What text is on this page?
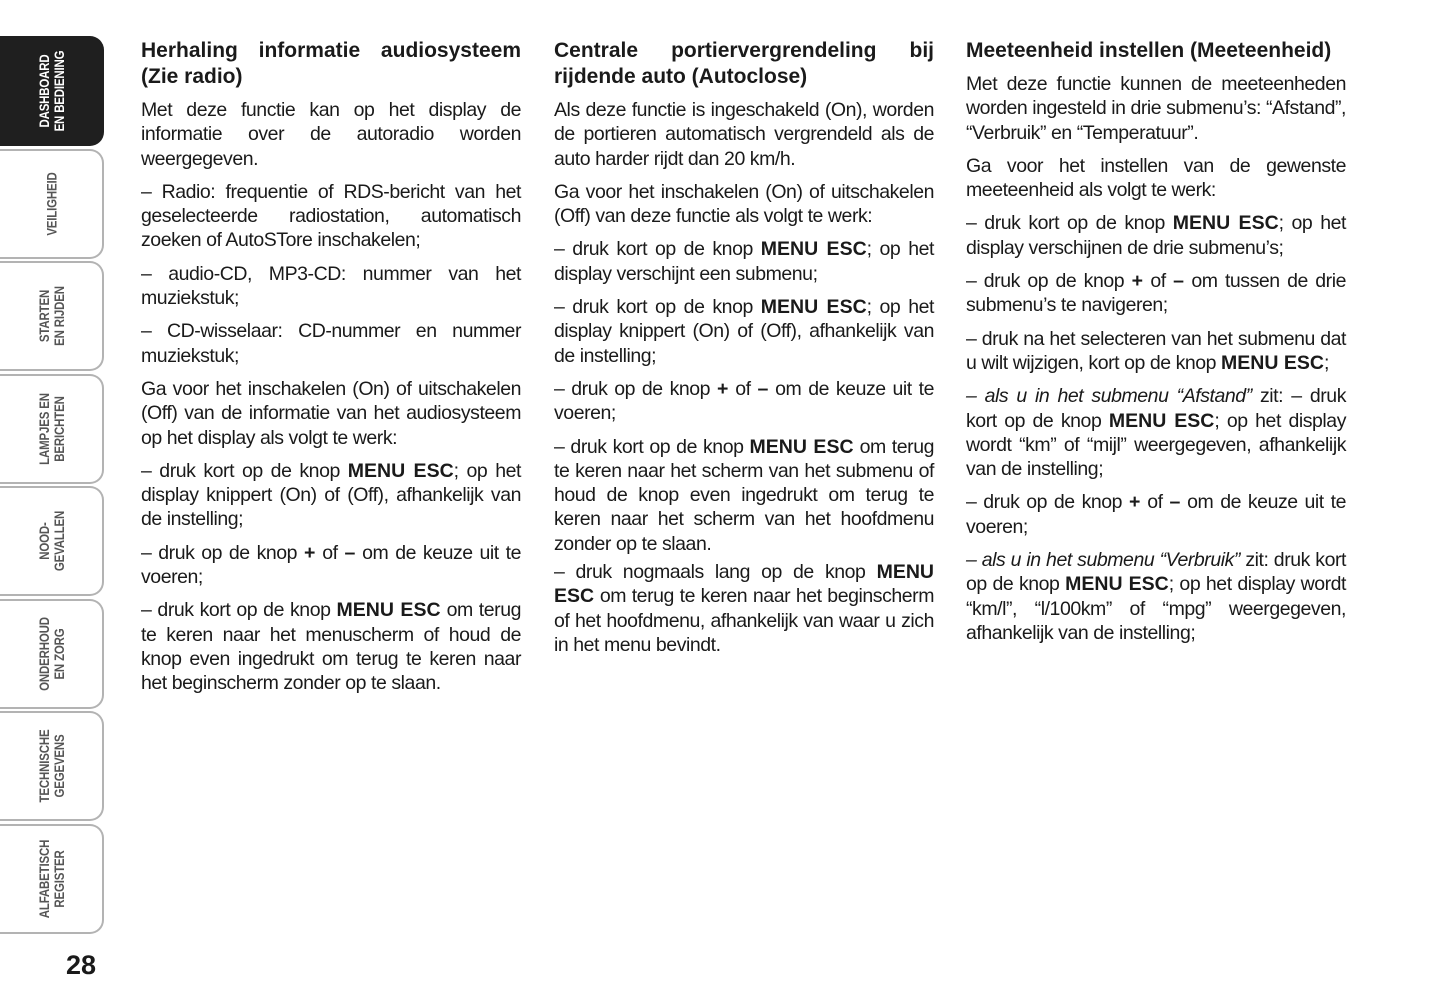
DASHBOARD
EN BEDIENING
VEILIGHEID
STARTEN
EN RIJDEN
LAMPJES EN
BERICHTEN
NOOD-
GEVALLEN
ONDERHOUD
EN ZORG
TECHNISCHE
GEGEVENS
ALFABETISCH
REGISTER
28
Herhaling informatie audiosysteem (Zie radio)

Met deze functie kan op het display de informatie over de autoradio worden weergegeven.

– Radio: frequentie of RDS-bericht van het geselecteerde radiostation, automatisch zoeken of AutoSTore inschakelen;

– audio-CD, MP3-CD: nummer van het muziekstuk;

– CD-wisselaar: CD-nummer en nummer muziekstuk;

Ga voor het inschakelen (On) of uitschakelen (Off) van de informatie van het audiosysteem op het display als volgt te werk:

– druk kort op de knop MENU ESC; op het display knippert (On) of (Off), afhankelijk van de instelling;

– druk op de knop + of – om de keuze uit te voeren;

– druk kort op de knop MENU ESC om terug te keren naar het menuscherm of houd de knop even ingedrukt om terug te keren naar het beginscherm zonder op te slaan.

Centrale portiervergrendeling bij rijdende auto (Autoclose)

Als deze functie is ingeschakeld (On), worden de portieren automatisch vergrendeld als de auto harder rijdt dan 20 km/h.

Ga voor het inschakelen (On) of uitschakelen (Off) van deze functie als volgt te werk:

– druk kort op de knop MENU ESC; op het display verschijnt een submenu;

– druk kort op de knop MENU ESC; op het display knippert (On) of (Off), afhankelijk van de instelling;

– druk op de knop + of – om de keuze uit te voeren;

– druk kort op de knop MENU ESC om terug te keren naar het scherm van het submenu of houd de knop even ingedrukt om terug te keren naar het scherm van het hoofdmenu zonder op te slaan.

– druk nogmaals lang op de knop MENU ESC om terug te keren naar het beginscherm of het hoofdmenu, afhankelijk van waar u zich in het menu bevindt.

Meeteenheid instellen (Meeteenheid)

Met deze functie kunnen de meeteenheden worden ingesteld in drie submenu’s: “Afstand”, “Verbruik” en “Temperatuur”.

Ga voor het instellen van de gewenste meeteenheid als volgt te werk:

– druk kort op de knop MENU ESC; op het display verschijnen de drie submenu’s;

– druk op de knop + of – om tussen de drie submenu’s te navigeren;

– druk na het selecteren van het submenu dat u wilt wijzigen, kort op de knop MENU ESC;

– als u in het submenu “Afstand” zit: – druk kort op de knop MENU ESC; op het display wordt “km” of “mijl” weergegeven, afhankelijk van de instelling;

– druk op de knop + of – om de keuze uit te voeren;

– als u in het submenu “Verbruik” zit: druk kort op de knop MENU ESC; op het display wordt “km/l”, “l/100km” of “mpg” weergegeven, afhankelijk van de instelling;
